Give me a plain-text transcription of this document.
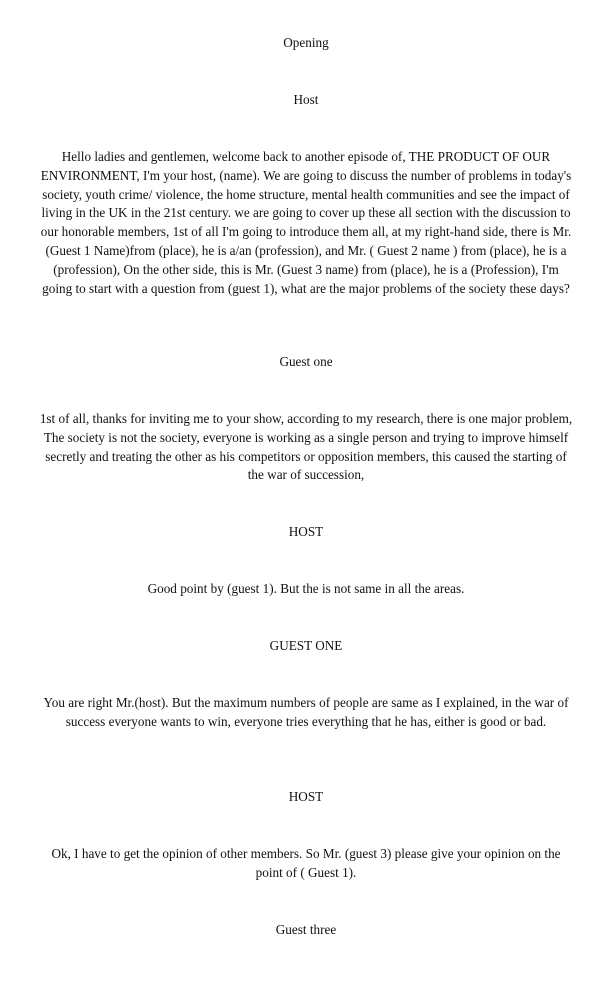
Opening
Host
Hello ladies and gentlemen, welcome back to another episode of, THE PRODUCT OF OUR ENVIRONMENT, I'm your host, (name). We are going to discuss the number of problems in today's society, youth crime/ violence, the home structure, mental health communities and see the impact of living in the UK in the 21st century. we are going to cover up these all section with the discussion to our honorable members, 1st of all I'm going to introduce them all, at my right-hand side, there is Mr.(Guest 1 Name)from (place), he is a/an (profession), and Mr. ( Guest 2 name ) from (place), he is a (profession), On the other side, this is Mr. (Guest 3 name) from (place), he is a (Profession), I'm going to start with a question from (guest 1), what are the major problems of the society these days?
Guest one
1st of all, thanks for inviting me to your show, according to my research, there is one major problem, The society is not the society, everyone is working as a single person and trying to improve himself secretly and treating the other as his competitors or opposition members, this caused the starting of the war of succession,
HOST
Good point by (guest 1). But the is not same in all the areas.
GUEST ONE
You are right Mr.(host). But the maximum numbers of people are same as I explained, in the war of success everyone wants to win, everyone tries everything that he has, either is good or bad.
HOST
Ok, I have to get the opinion of other members. So Mr. (guest 3) please give your opinion on the point of ( Guest 1).
Guest three
